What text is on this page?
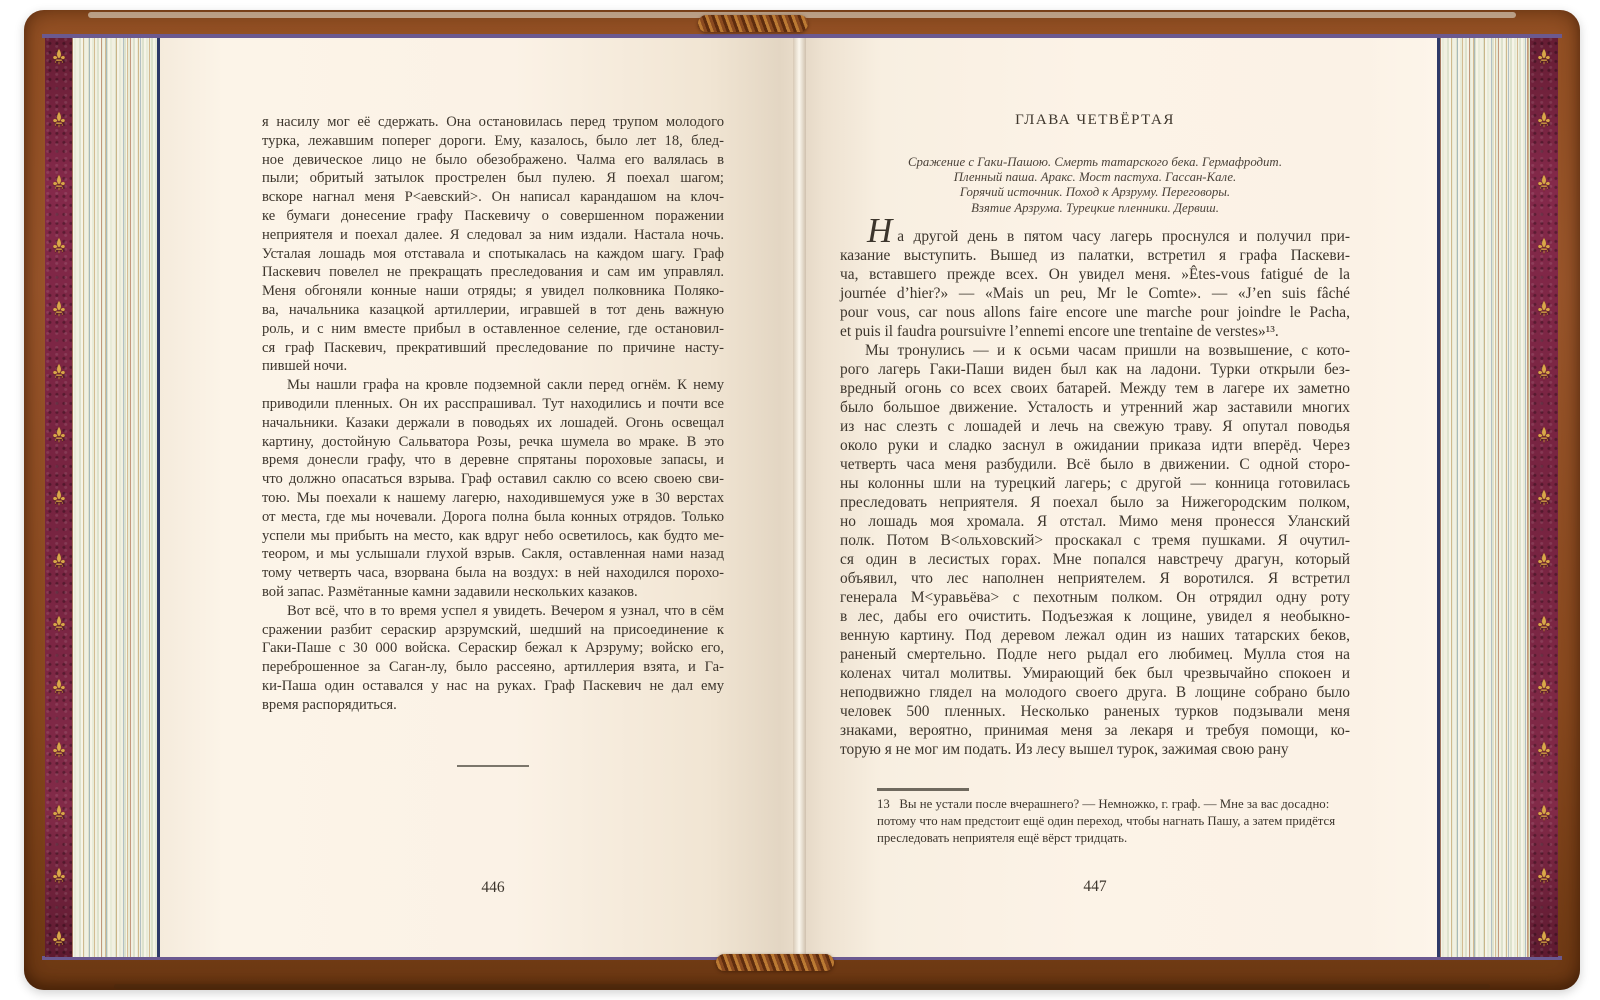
я насилу мог её сдержать. Она остановилась перед трупом молодого
турка, лежавшим поперег дороги. Ему, казалось, было лет 18, блед-
ное девическое лицо не было обезображено. Чалма его валялась в
пыли; обритый затылок прострелен был пулею. Я поехал шагом;
вскоре нагнал меня Р<аевский>. Он написал карандашом на клоч-
ке бумаги донесение графу Паскевичу о совершенном поражении
неприятеля и поехал далее. Я следовал за ним издали. Настала ночь.
Усталая лошадь моя отставала и спотыкалась на каждом шагу. Граф
Паскевич повелел не прекращать преследования и сам им управлял.
Меня обгоняли конные наши отряды; я увидел полковника Поляко-
ва, начальника казацкой артиллерии, игравшей в тот день важную
роль, и с ним вместе прибыл в оставленное селение, где остановил-
ся граф Паскевич, прекративший преследование по причине насту-
пившей ночи.
Мы нашли графа на кровле подземной сакли перед огнём. К нему
приводили пленных. Он их расспрашивал. Тут находились и почти все
начальники. Казаки держали в поводьях их лошадей. Огонь освещал
картину, достойную Сальватора Розы, речка шумела во мраке. В это
время донесли графу, что в деревне спрятаны пороховые запасы, и
что должно опасаться взрыва. Граф оставил саклю со всею своею сви-
тою. Мы поехали к нашему лагерю, находившемуся уже в 30 верстах
от места, где мы ночевали. Дорога полна была конных отрядов. Только
успели мы прибыть на место, как вдруг небо осветилось, как будто ме-
теором, и мы услышали глухой взрыв. Сакля, оставленная нами назад
тому четверть часа, взорвана была на воздух: в ней находился порохо-
вой запас. Размётанные камни задавили нескольких казаков.
Вот всё, что в то время успел я увидеть. Вечером я узнал, что в сём
сражении разбит сераскир арзрумский, шедший на присоединение к
Гаки-Паше с 30 000 войска. Сераскир бежал к Арзруму; войско его,
переброшенное за Саган-лу, было рассеяно, артиллерия взята, и Га-
ки-Паша один оставался у нас на руках. Граф Паскевич не дал ему
время распорядиться.
446
ГЛАВА ЧЕТВЁРТАЯ
Сражение с Гаки-Пашою. Смерть татарского бека. Гермафродит.
Пленный паша. Аракс. Мост пастуха. Гассан-Кале.
Горячий источник. Поход к Арзруму. Переговоры.
Взятие Арзрума. Турецкие пленники. Дервиш.
На другой день в пятом часу лагерь проснулся и получил при-
казание выступить. Вышед из палатки, встретил я графа Паскеви-
ча, вставшего прежде всех. Он увидел меня. »Êtes-vous fatigué de la
journée d’hier?» — «Mais un peu, Mr le Comte». — «J’en suis fâché
pour vous, car nous allons faire encore une marche pour joindre le Pacha,
et puis il faudra poursuivre l’ennemi encore une trentaine de verstes»¹³.
Мы тронулись — и к осьми часам пришли на возвышение, с кото-
рого лагерь Гаки-Паши виден был как на ладони. Турки открыли без-
вредный огонь со всех своих батарей. Между тем в лагере их заметно
было большое движение. Усталость и утренний жар заставили многих
из нас слезть с лошадей и лечь на свежую траву. Я опутал поводья
около руки и сладко заснул в ожидании приказа идти вперёд. Через
четверть часа меня разбудили. Всё было в движении. С одной сторо-
ны колонны шли на турецкий лагерь; с другой — конница готовилась
преследовать неприятеля. Я поехал было за Нижегородским полком,
но лошадь моя хромала. Я отстал. Мимо меня пронесся Уланский
полк. Потом В<ольховский> проскакал с тремя пушками. Я очутил-
ся один в лесистых горах. Мне попался навстречу драгун, который
объявил, что лес наполнен неприятелем. Я воротился. Я встретил
генерала М<уравьёва> с пехотным полком. Он отрядил одну роту
в лес, дабы его очистить. Подъезжая к лощине, увидел я необыкно-
венную картину. Под деревом лежал один из наших татарских беков,
раненый смертельно. Подле него рыдал его любимец. Мулла стоя на
коленах читал молитвы. Умирающий бек был чрезвычайно спокоен и
неподвижно глядел на молодого своего друга. В лощине собрано было
человек 500 пленных. Несколько раненых турков подзывали меня
знаками, вероятно, принимая меня за лекаря и требуя помощи, ко-
торую я не мог им подать. Из лесу вышел турок, зажимая свою рану
13   Вы не устали после вчерашнего? — Немножко, г. граф. — Мне за вас досадно:
потому что нам предстоит ещё один переход, чтобы нагнать Пашу, а затем придётся
преследовать неприятеля ещё вёрст тридцать.
447
